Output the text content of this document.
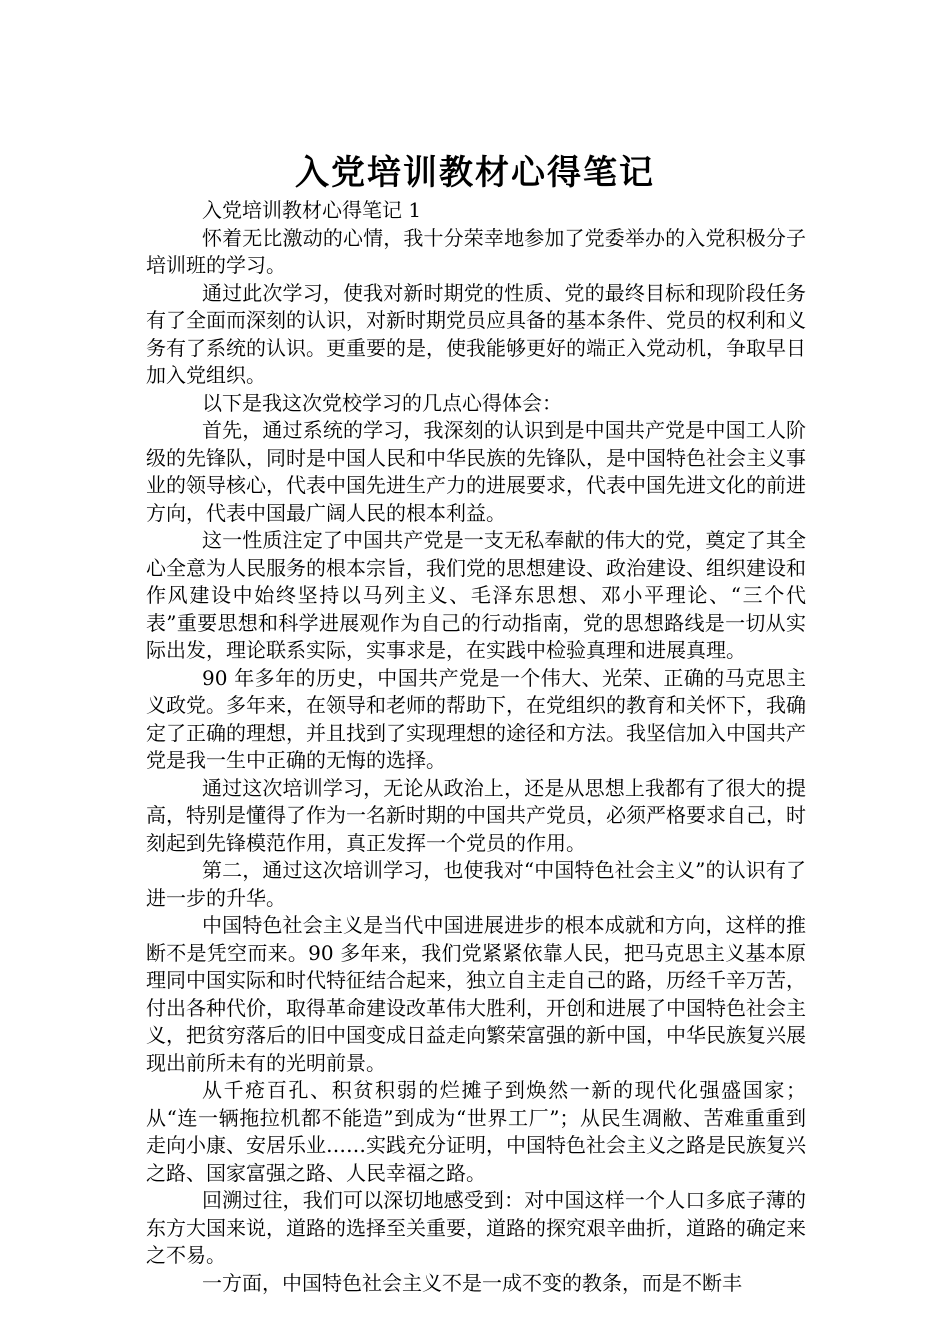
入党培训教材心得笔记

入党培训教材心得笔记 1

怀着无比激动的心情，我十分荣幸地参加了党委举办的入党积极分子培训班的学习。

通过此次学习，使我对新时期党的性质、党的最终目标和现阶段任务有了全面而深刻的认识，对新时期党员应具备的基本条件、党员的权利和义务有了系统的认识。更重要的是，使我能够更好的端正入党动机，争取早日加入党组织。

以下是我这次党校学习的几点心得体会：

首先，通过系统的学习，我深刻的认识到是中国共产党是中国工人阶级的先锋队，同时是中国人民和中华民族的先锋队，是中国特色社会主义事业的领导核心，代表中国先进生产力的进展要求，代表中国先进文化的前进方向，代表中国最广阔人民的根本利益。

这一性质注定了中国共产党是一支无私奉献的伟大的党，奠定了其全心全意为人民服务的根本宗旨，我们党的思想建设、政治建设、组织建设和作风建设中始终坚持以马列主义、毛泽东思想、邓小平理论、“三个代表”重要思想和科学进展观作为自己的行动指南，党的思想路线是一切从实际出发，理论联系实际，实事求是，在实践中检验真理和进展真理。

90 年多年的历史，中国共产党是一个伟大、光荣、正确的马克思主义政党。多年来，在领导和老师的帮助下，在党组织的教育和关怀下，我确定了正确的理想，并且找到了实现理想的途径和方法。我坚信加入中国共产党是我一生中正确的无悔的选择。

通过这次培训学习，无论从政治上，还是从思想上我都有了很大的提高，特别是懂得了作为一名新时期的中国共产党员，必须严格要求自己，时刻起到先锋模范作用，真正发挥一个党员的作用。

第二，通过这次培训学习，也使我对“中国特色社会主义”的认识有了进一步的升华。

中国特色社会主义是当代中国进展进步的根本成就和方向，这样的推断不是凭空而来。90 多年来，我们党紧紧依靠人民，把马克思主义基本原理同中国实际和时代特征结合起来，独立自主走自己的路，历经千辛万苦，付出各种代价，取得革命建设改革伟大胜利，开创和进展了中国特色社会主义，把贫穷落后的旧中国变成日益走向繁荣富强的新中国，中华民族复兴展现出前所未有的光明前景。

从千疮百孔、积贫积弱的烂摊子到焕然一新的现代化强盛国家；从“连一辆拖拉机都不能造”到成为“世界工厂”；从民生凋敝、苦难重重到走向小康、安居乐业……实践充分证明，中国特色社会主义之路是民族复兴之路、国家富强之路、人民幸福之路。

回溯过往，我们可以深切地感受到：对中国这样一个人口多底子薄的东方大国来说，道路的选择至关重要，道路的探究艰辛曲折，道路的确定来之不易。

一方面，中国特色社会主义不是一成不变的教条，而是不断丰
